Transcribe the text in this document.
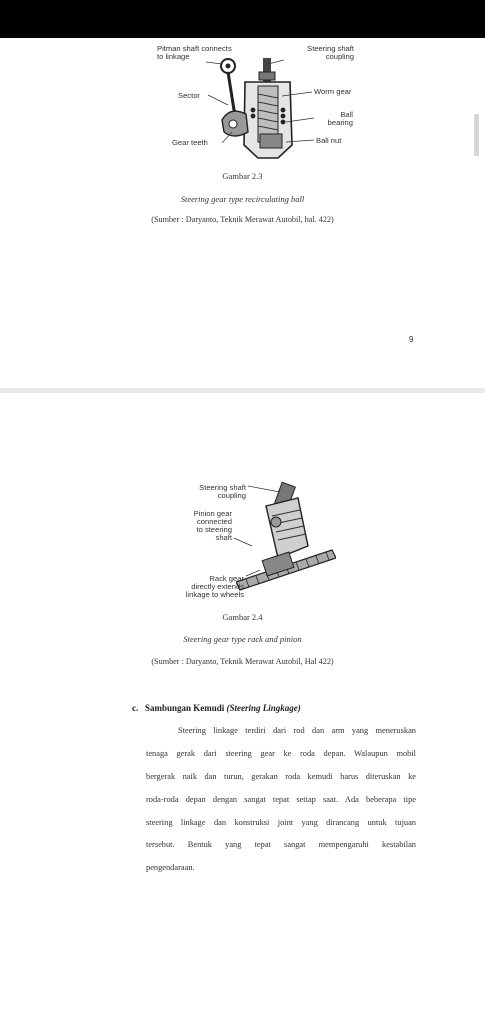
Pitman shaft connects
to linkage
Steering shaft
coupling
Sector	Worm gear
Ball
bearing
Gear teeth	Ball nut
Gambar 2.3
Steering gear type recirculating ball
(Sumber : Daryanto, Teknik Merawat Autobil, hal. 422)
9
Steering shaft
coupling
Pinion gear
connected
to steering
shaft
Rack gear
directly extends
linkage to wheels
Gambar 2.4
Steering gear type rack and pinion
(Sumber : Daryanto, Teknik Merawat Autobil, Hal 422)
c. Sambungan Kemudi (Steering Lingkage)
Steering linkage terdiri dari rod dan arm yang meneruskan
tenaga gerak dari steering gear ke roda depan. Walaupun mobil
bergerak naik dan turun, gerakan roda kemudi harus diteruskan ke
roda-roda depan dengan sangat tepat setiap saat. Ada beberapa tipe
steering linkage dan konstruksi joint yang dirancang untuk tujuan
tersebut. Bentuk yang tepat sangat mempengaruhi kestabilan
pengendaraan.
